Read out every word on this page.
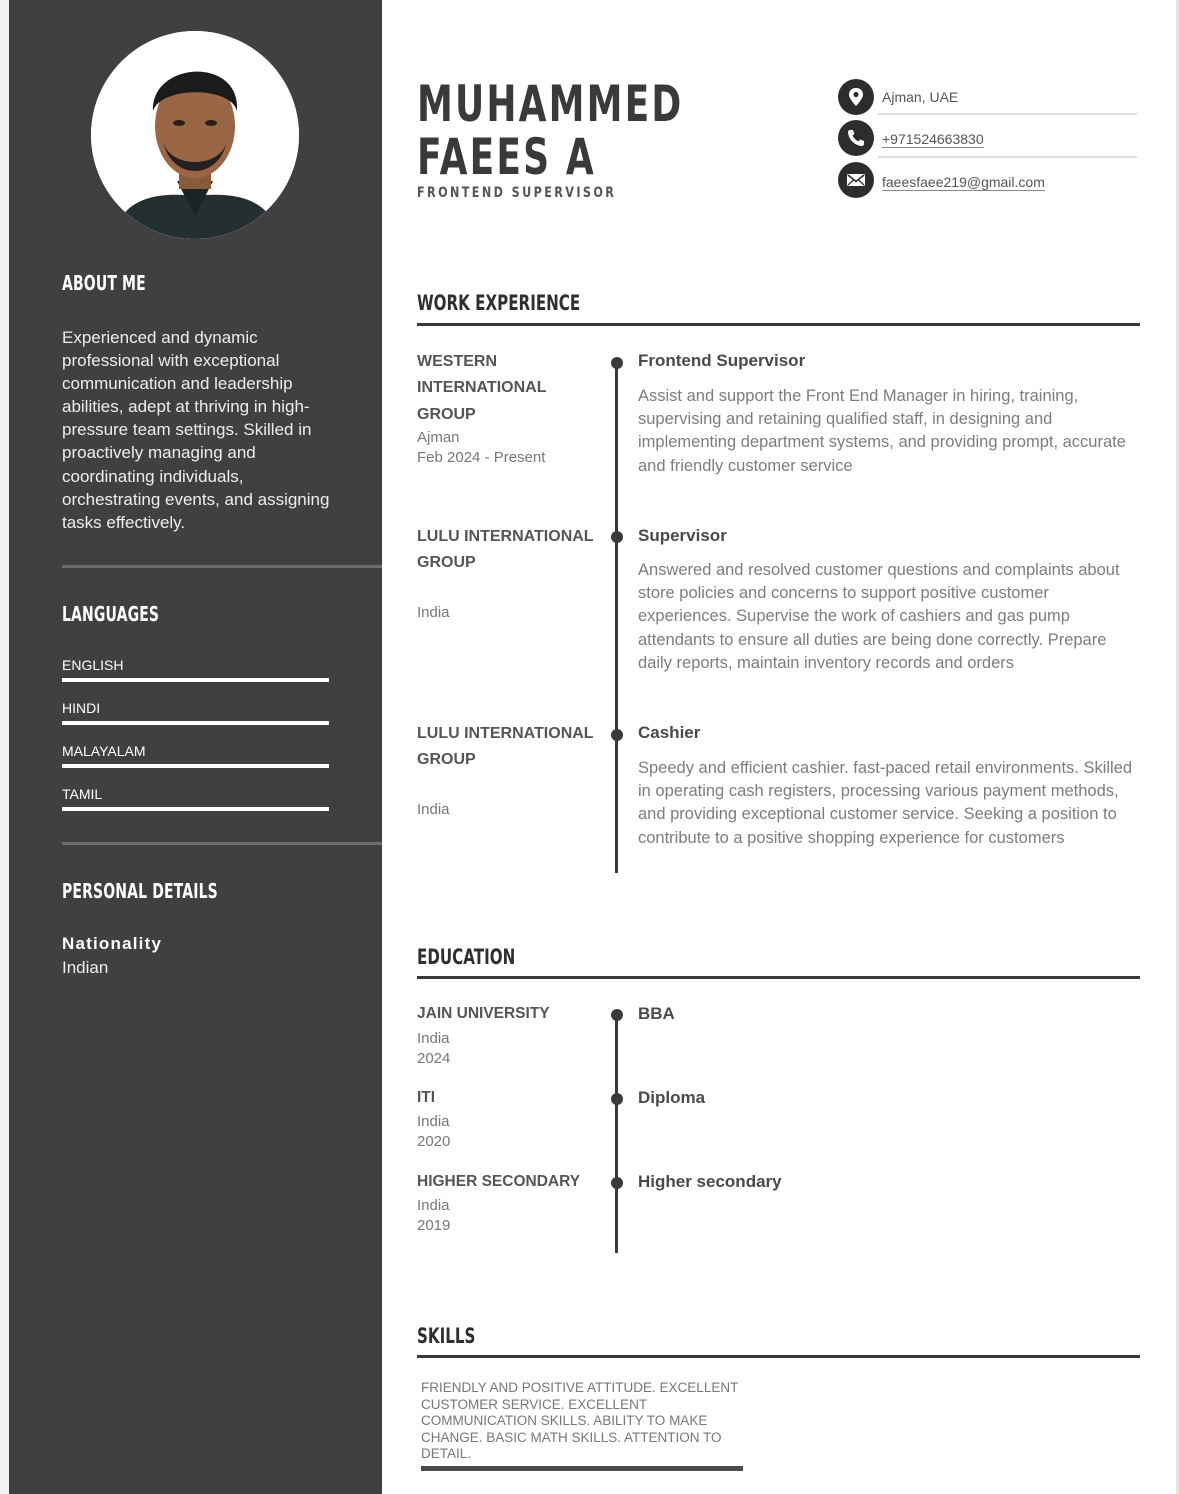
ABOUT ME
Experienced and dynamic professional with exceptional communication and leadership abilities, adept at thriving in high-pressure team settings. Skilled in proactively managing and coordinating individuals, orchestrating events, and assigning tasks effectively.
LANGUAGES
ENGLISH
HINDI
MALAYALAM
TAMIL
PERSONAL DETAILS
Nationality
Indian
MUHAMMED
FAEES A
FRONTEND SUPERVISOR
Ajman, UAE
+971524663830
faeesfaee219@gmail.com
WORK EXPERIENCE
WESTERN INTERNATIONAL GROUP
Ajman
Feb 2024 - Present
Frontend Supervisor
Assist and support the Front End Manager in hiring, training, supervising and retaining qualified staff, in designing and implementing department systems, and providing prompt, accurate and friendly customer service
LULU INTERNATIONAL GROUP
India
Supervisor
Answered and resolved customer questions and complaints about store policies and concerns to support positive customer experiences. Supervise the work of cashiers and gas pump attendants to ensure all duties are being done correctly. Prepare daily reports, maintain inventory records and orders
LULU INTERNATIONAL GROUP
India
Cashier
Speedy and efficient cashier. fast-paced retail environments. Skilled in operating cash registers, processing various payment methods, and providing exceptional customer service. Seeking a position to contribute to a positive shopping experience for customers
EDUCATION
JAIN UNIVERSITY
India
2024
BBA
ITI
India
2020
Diploma
HIGHER SECONDARY
India
2019
Higher secondary
SKILLS
FRIENDLY AND POSITIVE ATTITUDE. EXCELLENT CUSTOMER SERVICE. EXCELLENT COMMUNICATION SKILLS. ABILITY TO MAKE CHANGE. BASIC MATH SKILLS. ATTENTION TO DETAIL.
